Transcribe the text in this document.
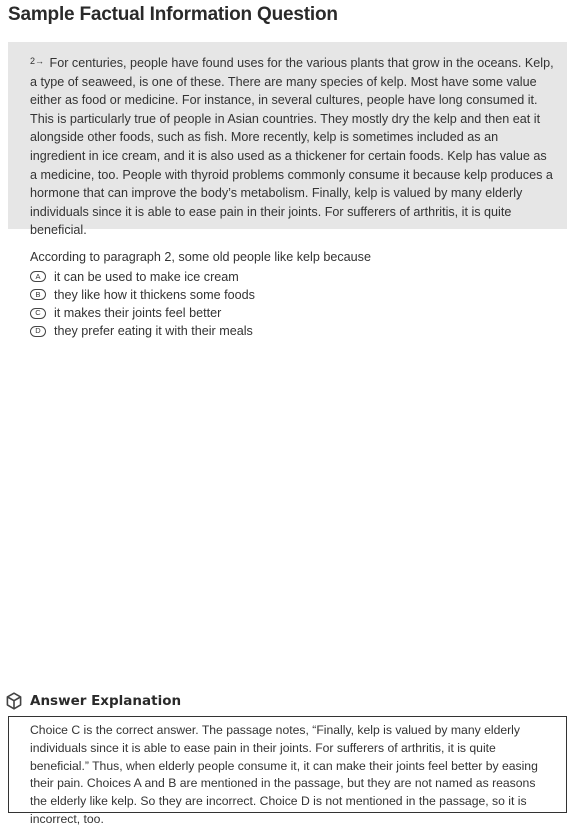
Sample Factual Information Question

$^{2\to}$ For centuries, people have found uses for the various plants that grow in the oceans. Kelp, a type of seaweed, is one of these. There are many species of kelp. Most have some value either as food or medicine. For instance, in several cultures, people have long consumed it. This is particularly true of people in Asian countries. They mostly dry the kelp and then eat it alongside other foods, such as fish. More recently, kelp is sometimes included as an ingredient in ice cream, and it is also used as a thickener for certain foods. Kelp has value as a medicine, too. People with thyroid problems commonly consume it because kelp produces a hormone that can improve the body’s metabolism. Finally, kelp is valued by many elderly individuals since it is able to ease pain in their joints. For sufferers of arthritis, it is quite beneficial.

According to paragraph 2, some old people like kelp because

A	it can be used to make ice cream
B	they like how it thickens some foods
C	it makes their joints feel better
D	they prefer eating it with their meals
Answer Explanation

Choice C is the correct answer. The passage notes, “Finally, kelp is valued by many elderly individuals since it is able to ease pain in their joints. For sufferers of arthritis, it is quite beneficial.” Thus, when elderly people consume it, it can make their joints feel better by easing their pain. Choices A and B are mentioned in the passage, but they are not named as reasons the elderly like kelp. So they are incorrect. Choice D is not mentioned in the passage, so it is incorrect, too.
